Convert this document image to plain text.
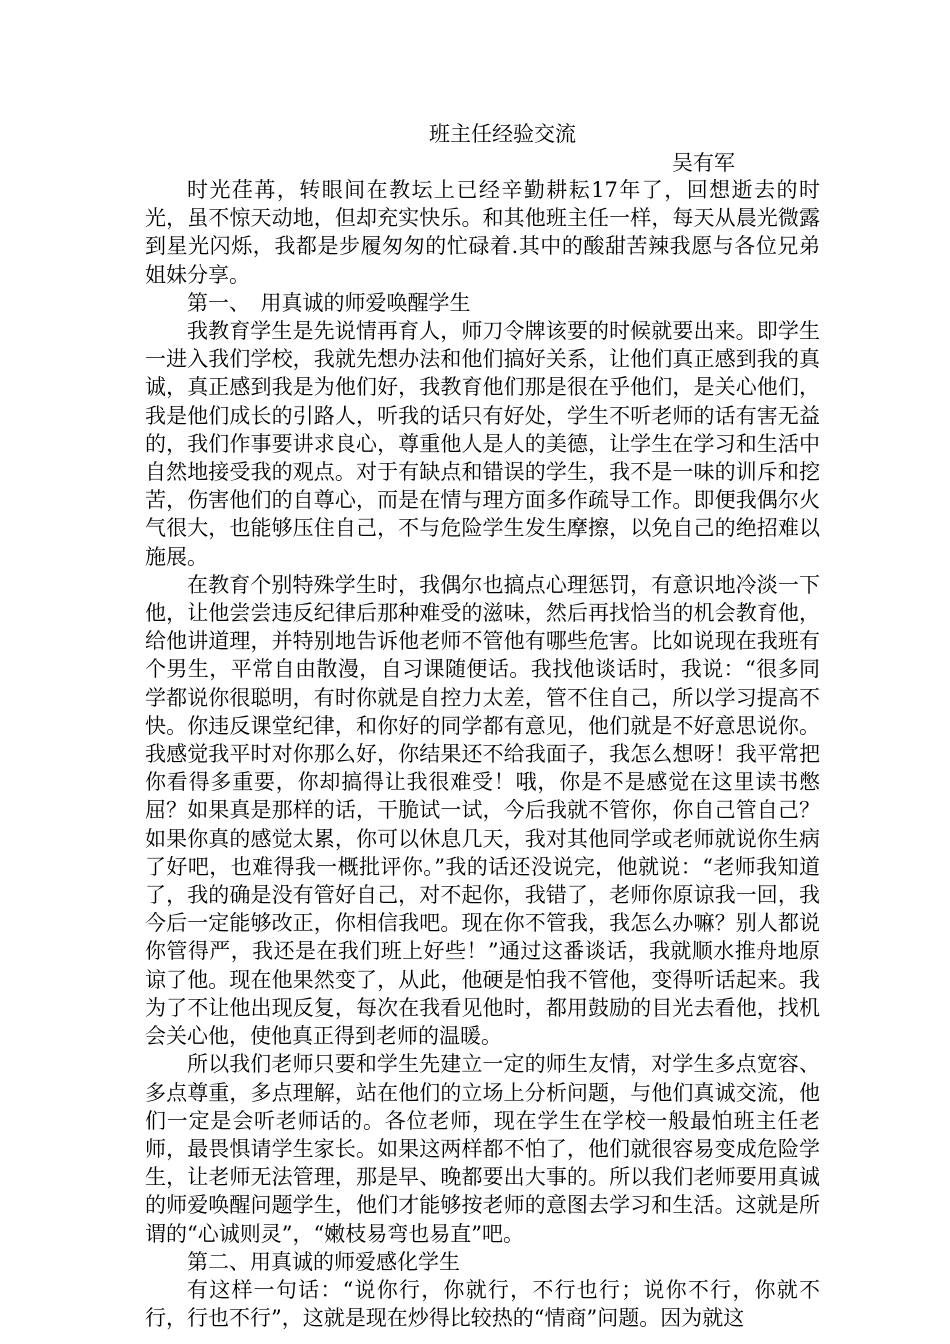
班主任经验交流
吴有军

时光荏苒，转眼间在教坛上已经辛勤耕耘17年了，回想逝去的时光，虽不惊天动地，但却充实快乐。和其他班主任一样，每天从晨光微露到星光闪烁，我都是步履匆匆的忙碌着.其中的酸甜苦辣我愿与各位兄弟姐妹分享。

第一、　用真诚的师爱唤醒学生

我教育学生是先说情再育人，师刀令牌该要的时候就要出来。即学生一进入我们学校，我就先想办法和他们搞好关系，让他们真正感到我的真诚，真正感到我是为他们好，我教育他们那是很在乎他们，是关心他们，我是他们成长的引路人，听我的话只有好处，学生不听老师的话有害无益的，我们作事要讲求良心，尊重他人是人的美德，让学生在学习和生活中自然地接受我的观点。对于有缺点和错误的学生，我不是一味的训斥和挖苦，伤害他们的自尊心，而是在情与理方面多作疏导工作。即便我偶尔火气很大，也能够压住自己，不与危险学生发生摩擦，以免自己的绝招难以施展。

在教育个别特殊学生时，我偶尔也搞点心理惩罚，有意识地冷淡一下他，让他尝尝违反纪律后那种难受的滋味，然后再找恰当的机会教育他，给他讲道理，并特别地告诉他老师不管他有哪些危害。比如说现在我班有个男生，平常自由散漫，自习课随便话。我找他谈话时，我说：“很多同学都说你很聪明，有时你就是自控力太差，管不住自己，所以学习提高不快。你违反课堂纪律，和你好的同学都有意见，他们就是不好意思说你。我感觉我平时对你那么好，你结果还不给我面子，我怎么想呀！我平常把你看得多重要，你却搞得让我很难受！哦，你是不是感觉在这里读书憋屈？如果真是那样的话，干脆试一试，今后我就不管你，你自己管自己？如果你真的感觉太累，你可以休息几天，我对其他同学或老师就说你生病了好吧，也难得我一概批评你。”我的话还没说完，他就说：“老师我知道了，我的确是没有管好自己，对不起你，我错了，老师你原谅我一回，我今后一定能够改正，你相信我吧。现在你不管我，我怎么办嘛？别人都说你管得严，我还是在我们班上好些！”通过这番谈话，我就顺水推舟地原谅了他。现在他果然变了，从此，他硬是怕我不管他，变得听话起来。我为了不让他出现反复，每次在我看见他时，都用鼓励的目光去看他，找机会关心他，使他真正得到老师的温暖。

所以我们老师只要和学生先建立一定的师生友情，对学生多点宽容、多点尊重，多点理解，站在他们的立场上分析问题，与他们真诚交流，他们一定是会听老师话的。各位老师，现在学生在学校一般最怕班主任老师，最畏惧请学生家长。如果这两样都不怕了，他们就很容易变成危险学生，让老师无法管理，那是早、晚都要出大事的。所以我们老师要用真诚的师爱唤醒问题学生，他们才能够按老师的意图去学习和生活。这就是所谓的“心诚则灵”，“嫩枝易弯也易直”吧。

第二、用真诚的师爱感化学生

有这样一句话：“说你行，你就行，不行也行；说你不行，你就不行，行也不行”，这就是现在炒得比较热的“情商”问题。因为就这
